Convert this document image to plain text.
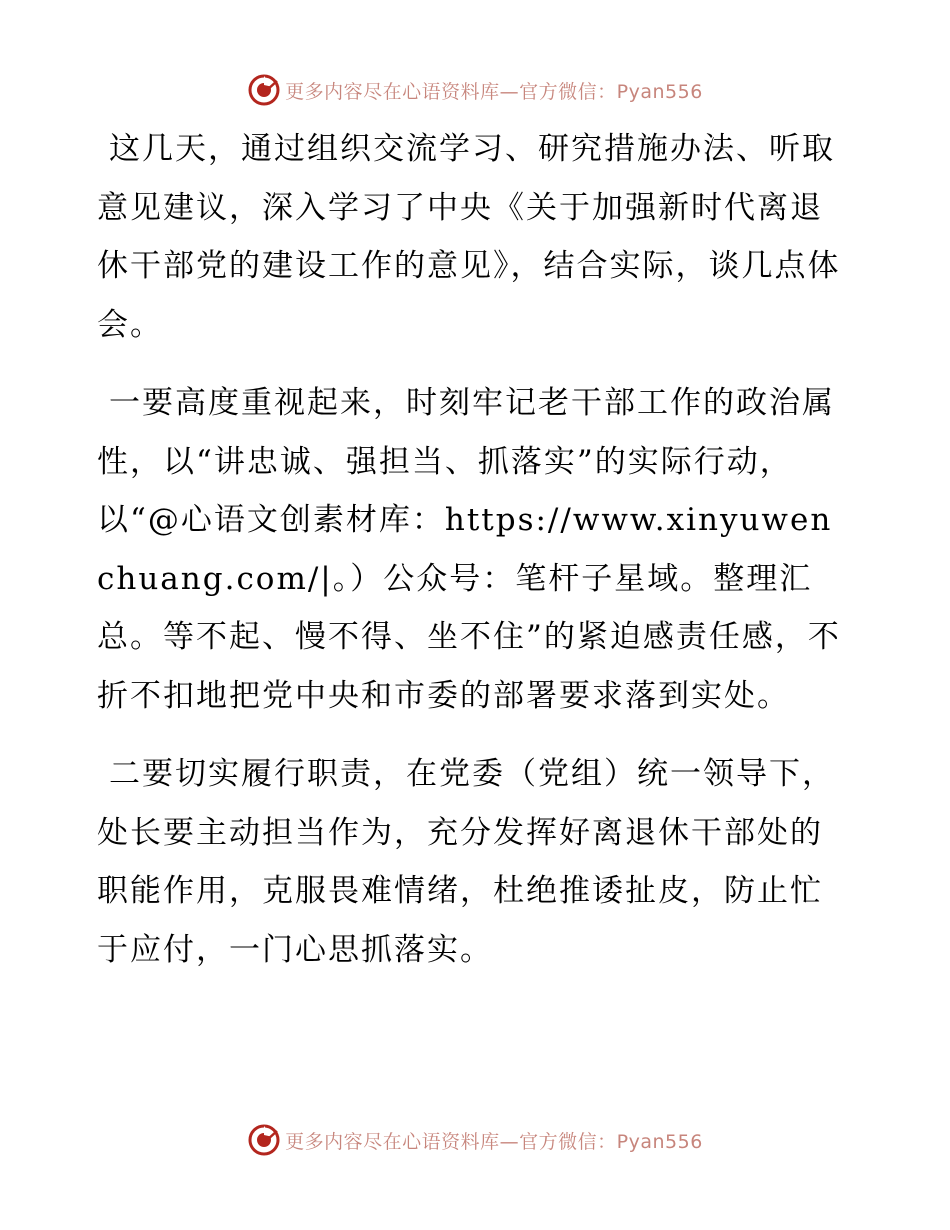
更多内容尽在心语资料库—官方微信：Pyan556

这几天，通过组织交流学习、研究措施办法、听取意见建议，深入学习了中央《关于加强新时代离退休干部党的建设工作的意见》，结合实际，谈几点体会。

一要高度重视起来，时刻牢记老干部工作的政治属性，以“讲忠诚、强担当、抓落实”的实际行动，以“@心语文创素材库：https://www.xinyuwenchuang.com/|。）公众号：笔杆子星域。整理汇总。等不起、慢不得、坐不住”的紧迫感责任感，不折不扣地把党中央和市委的部署要求落到实处。

二要切实履行职责，在党委（党组）统一领导下，处长要主动担当作为，充分发挥好离退休干部处的职能作用，克服畏难情绪，杜绝推诿扯皮，防止忙于应付，一门心思抓落实。

更多内容尽在心语资料库—官方微信：Pyan556
